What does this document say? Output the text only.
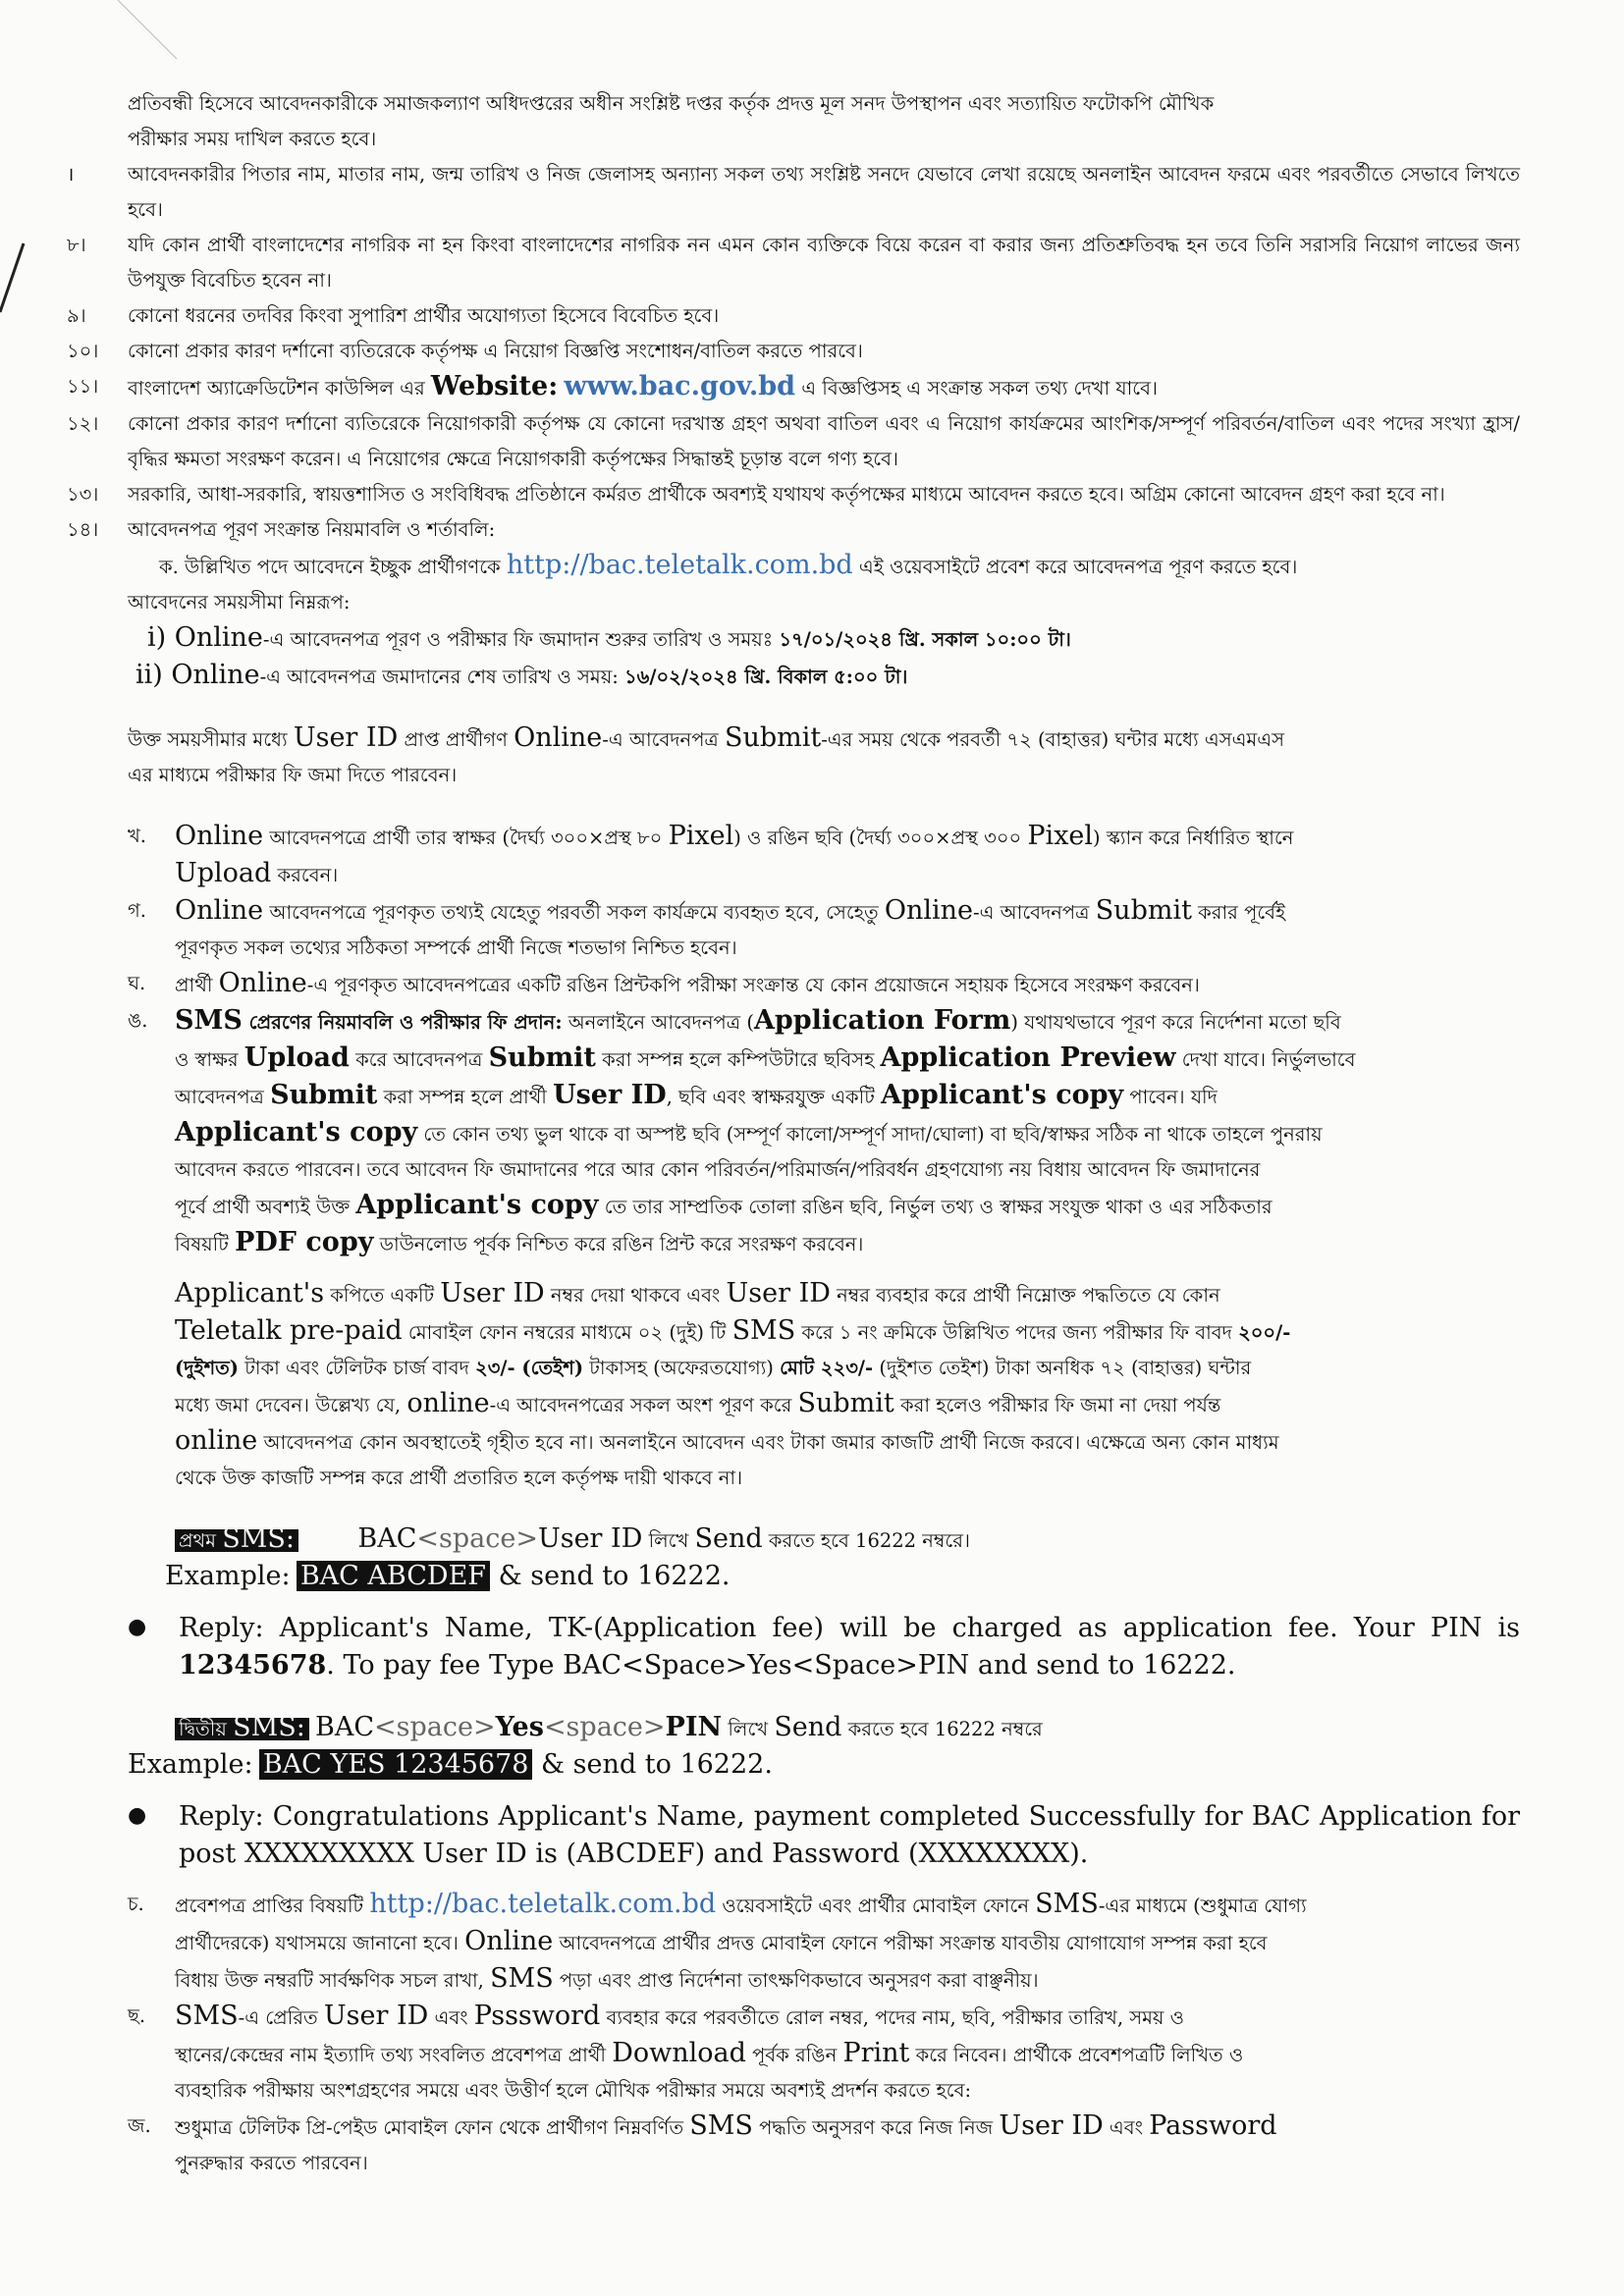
প্রতিবন্ধী হিসেবে আবেদনকারীকে সমাজকল্যাণ অধিদপ্তরের অধীন সংশ্লিষ্ট দপ্তর কর্তৃক প্রদত্ত মূল সনদ উপস্থাপন এবং সত্যায়িত ফটোকপি মৌখিক
পরীক্ষার সময় দাখিল করতে হবে।
।	আবেদনকারীর পিতার নাম, মাতার নাম, জন্ম তারিখ ও নিজ জেলাসহ অন্যান্য সকল তথ্য সংশ্লিষ্ট সনদে যেভাবে লেখা রয়েছে অনলাইন আবেদন ফরমে এবং পরবর্তীতে সেভাবে লিখতে হবে।
৮।	যদি কোন প্রার্থী বাংলাদেশের নাগরিক না হন কিংবা বাংলাদেশের নাগরিক নন এমন কোন ব্যক্তিকে বিয়ে করেন বা করার জন্য প্রতিশ্রুতিবদ্ধ হন তবে তিনি সরাসরি নিয়োগ লাভের জন্য উপযুক্ত বিবেচিত হবেন না।
৯।	কোনো ধরনের তদবির কিংবা সুপারিশ প্রার্থীর অযোগ্যতা হিসেবে বিবেচিত হবে।
১০।	কোনো প্রকার কারণ দর্শানো ব্যতিরেকে কর্তৃপক্ষ এ নিয়োগ বিজ্ঞপ্তি সংশোধন/বাতিল করতে পারবে।
১১।	বাংলাদেশ অ্যাক্রেডিটেশন কাউন্সিল এর Website: www.bac.gov.bd এ বিজ্ঞপ্তিসহ এ সংক্রান্ত সকল তথ্য দেখা যাবে।
১২।	কোনো প্রকার কারণ দর্শানো ব্যতিরেকে নিয়োগকারী কর্তৃপক্ষ যে কোনো দরখাস্ত গ্রহণ অথবা বাতিল এবং এ নিয়োগ কার্যক্রমের আংশিক/সম্পূর্ণ পরিবর্তন/বাতিল এবং পদের সংখ্যা হ্রাস/বৃদ্ধির ক্ষমতা সংরক্ষণ করেন। এ নিয়োগের ক্ষেত্রে নিয়োগকারী কর্তৃপক্ষের সিদ্ধান্তই চূড়ান্ত বলে গণ্য হবে।
১৩।	সরকারি, আধা-সরকারি, স্বায়ত্তশাসিত ও সংবিধিবদ্ধ প্রতিষ্ঠানে কর্মরত প্রার্থীকে অবশ্যই যথাযথ কর্তৃপক্ষের মাধ্যমে আবেদন করতে হবে। অগ্রিম কোনো আবেদন গ্রহণ করা হবে না।
১৪।	আবেদনপত্র পূরণ সংক্রান্ত নিয়মাবলি ও শর্তাবলি:
ক. উল্লিখিত পদে আবেদনে ইচ্ছুক প্রার্থীগণকে http://bac.teletalk.com.bd এই ওয়েবসাইটে প্রবেশ করে আবেদনপত্র পূরণ করতে হবে।
আবেদনের সময়সীমা নিম্নরূপ:
i) Online-এ আবেদনপত্র পূরণ ও পরীক্ষার ফি জমাদান শুরুর তারিখ ও সময়ঃ ১৭/০১/২০২৪ খ্রি. সকাল ১০:০০ টা।
ii) Online-এ আবেদনপত্র জমাদানের শেষ তারিখ ও সময়: ১৬/০২/২০২৪ খ্রি. বিকাল ৫:০০ টা।
উক্ত সময়সীমার মধ্যে User ID প্রাপ্ত প্রার্থীগণ Online-এ আবেদনপত্র Submit-এর সময় থেকে পরবর্তী ৭২ (বাহাত্তর) ঘন্টার মধ্যে এসএমএস
এর মাধ্যমে পরীক্ষার ফি জমা দিতে পারবেন।
খ.	Online আবেদনপত্রে প্রার্থী তার স্বাক্ষর (দৈর্ঘ্য ৩০০×প্রস্থ ৮০ Pixel) ও রঙিন ছবি (দৈর্ঘ্য ৩০০×প্রস্থ ৩০০ Pixel) স্ক্যান করে নির্ধারিত স্থানে
Upload করবেন।
গ.	Online আবেদনপত্রে পূরণকৃত তথ্যই যেহেতু পরবর্তী সকল কার্যক্রমে ব্যবহৃত হবে, সেহেতু Online-এ আবেদনপত্র Submit করার পূর্বেই
পূরণকৃত সকল তথ্যের সঠিকতা সম্পর্কে প্রার্থী নিজে শতভাগ নিশ্চিত হবেন।
ঘ.	প্রার্থী Online-এ পূরণকৃত আবেদনপত্রের একটি রঙিন প্রিন্টকপি পরীক্ষা সংক্রান্ত যে কোন প্রয়োজনে সহায়ক হিসেবে সংরক্ষণ করবেন।
ঙ.	SMS প্রেরণের নিয়মাবলি ও পরীক্ষার ফি প্রদান: অনলাইনে আবেদনপত্র (Application Form) যথাযথভাবে পূরণ করে নির্দেশনা মতো ছবি
ও স্বাক্ষর Upload করে আবেদনপত্র Submit করা সম্পন্ন হলে কম্পিউটারে ছবিসহ Application Preview দেখা যাবে। নির্ভুলভাবে
আবেদনপত্র Submit করা সম্পন্ন হলে প্রার্থী User ID, ছবি এবং স্বাক্ষরযুক্ত একটি Applicant's copy পাবেন। যদি
Applicant's copy তে কোন তথ্য ভুল থাকে বা অস্পষ্ট ছবি (সম্পূর্ণ কালো/সম্পূর্ণ সাদা/ঘোলা) বা ছবি/স্বাক্ষর সঠিক না থাকে তাহলে পুনরায়
আবেদন করতে পারবেন। তবে আবেদন ফি জমাদানের পরে আর কোন পরিবর্তন/পরিমার্জন/পরিবর্ধন গ্রহণযোগ্য নয় বিধায় আবেদন ফি জমাদানের
পূর্বে প্রার্থী অবশ্যই উক্ত Applicant's copy তে তার সাম্প্রতিক তোলা রঙিন ছবি, নির্ভুল তথ্য ও স্বাক্ষর সংযুক্ত থাকা ও এর সঠিকতার
বিষয়টি PDF copy ডাউনলোড পূর্বক নিশ্চিত করে রঙিন প্রিন্ট করে সংরক্ষণ করবেন।
Applicant's কপিতে একটি User ID নম্বর দেয়া থাকবে এবং User ID নম্বর ব্যবহার করে প্রার্থী নিম্নোক্ত পদ্ধতিতে যে কোন
Teletalk pre-paid মোবাইল ফোন নম্বরের মাধ্যমে ০২ (দুই) টি SMS করে ১ নং ক্রমিকে উল্লিখিত পদের জন্য পরীক্ষার ফি বাবদ ২০০/-
(দুইশত) টাকা এবং টেলিটক চার্জ বাবদ ২৩/- (তেইশ) টাকাসহ (অফেরতযোগ্য) মোট ২২৩/- (দুইশত তেইশ) টাকা অনধিক ৭২ (বাহাত্তর) ঘন্টার
মধ্যে জমা দেবেন। উল্লেখ্য যে, online-এ আবেদনপত্রের সকল অংশ পূরণ করে Submit করা হলেও পরীক্ষার ফি জমা না দেয়া পর্যন্ত
online আবেদনপত্র কোন অবস্থাতেই গৃহীত হবে না। অনলাইনে আবেদন এবং টাকা জমার কাজটি প্রার্থী নিজে করবে। এক্ষেত্রে অন্য কোন মাধ্যম
থেকে উক্ত কাজটি সম্পন্ন করে প্রার্থী প্রতারিত হলে কর্তৃপক্ষ দায়ী থাকবে না।
প্রথম SMS: BAC<space>User ID লিখে Send করতে হবে 16222 নম্বরে।
Example: BAC ABCDEF & send to 16222.
●	Reply: Applicant's Name, TK-(Application fee) will be charged as application fee. Your PIN is 12345678. To pay fee Type BAC<Space>Yes<Space>PIN and send to 16222.
দ্বিতীয় SMS: BAC<space>Yes<space>PIN লিখে Send করতে হবে 16222 নম্বরে
Example: BAC YES 12345678 & send to 16222.
●	Reply: Congratulations Applicant's Name, payment completed Successfully for BAC Application for post XXXXXXXXX User ID is (ABCDEF) and Password (XXXXXXXX).
চ.	প্রবেশপত্র প্রাপ্তির বিষয়টি http://bac.teletalk.com.bd ওয়েবসাইটে এবং প্রার্থীর মোবাইল ফোনে SMS-এর মাধ্যমে (শুধুমাত্র যোগ্য
প্রার্থীদেরকে) যথাসময়ে জানানো হবে। Online আবেদনপত্রে প্রার্থীর প্রদত্ত মোবাইল ফোনে পরীক্ষা সংক্রান্ত যাবতীয় যোগাযোগ সম্পন্ন করা হবে
বিধায় উক্ত নম্বরটি সার্বক্ষণিক সচল রাখা, SMS পড়া এবং প্রাপ্ত নির্দেশনা তাৎক্ষণিকভাবে অনুসরণ করা বাঞ্ছনীয়।
ছ.	SMS-এ প্রেরিত User ID এবং Psssword ব্যবহার করে পরবর্তীতে রোল নম্বর, পদের নাম, ছবি, পরীক্ষার তারিখ, সময় ও
স্থানের/কেন্দ্রের নাম ইত্যাদি তথ্য সংবলিত প্রবেশপত্র প্রার্থী Download পূর্বক রঙিন Print করে নিবেন। প্রার্থীকে প্রবেশপত্রটি লিখিত ও
ব্যবহারিক পরীক্ষায় অংশগ্রহণের সময়ে এবং উত্তীর্ণ হলে মৌখিক পরীক্ষার সময়ে অবশ্যই প্রদর্শন করতে হবে:
জ.	শুধুমাত্র টেলিটক প্রি-পেইড মোবাইল ফোন থেকে প্রার্থীগণ নিম্নবর্ণিত SMS পদ্ধতি অনুসরণ করে নিজ নিজ User ID এবং Password
পুনরুদ্ধার করতে পারবেন।
